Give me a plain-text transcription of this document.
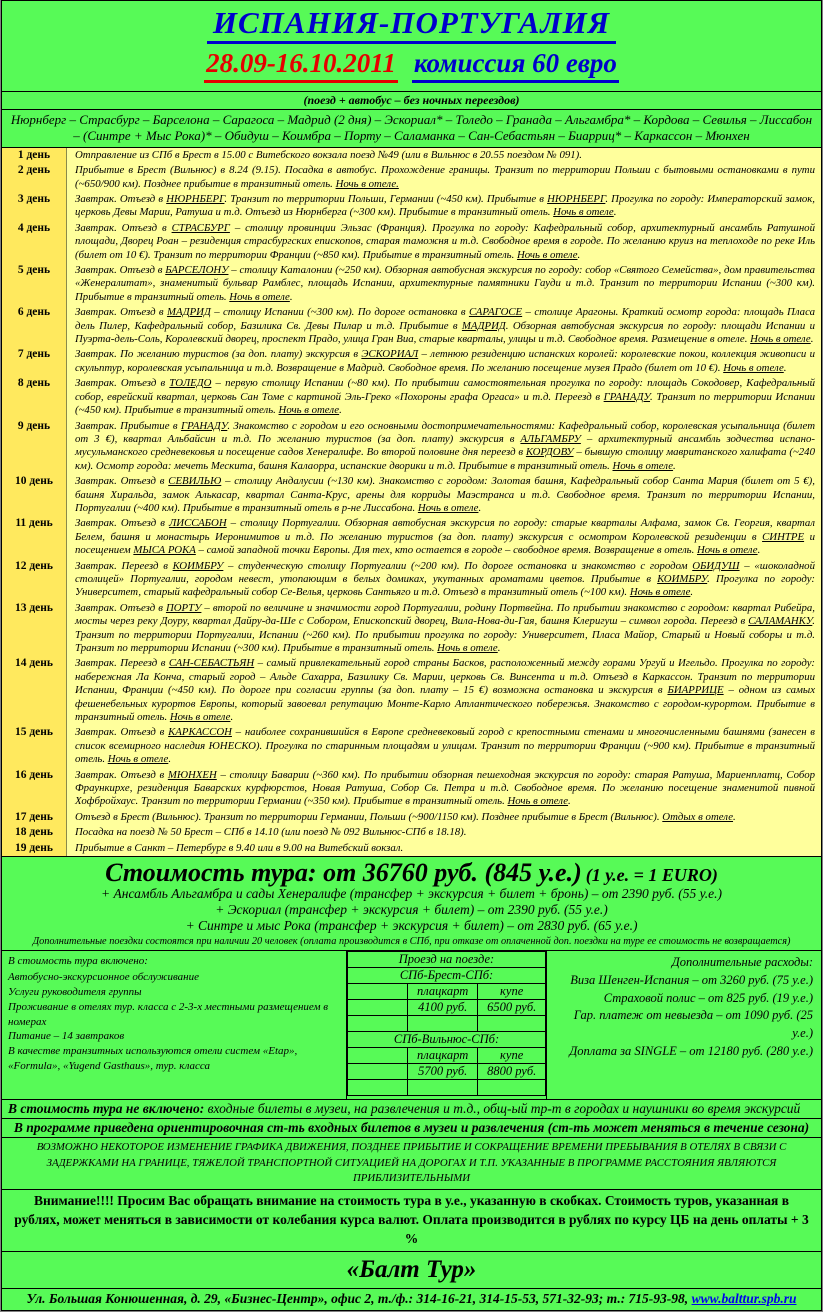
ИСПАНИЯ-ПОРТУГАЛИЯ
28.09-16.10.2011 комиссия 60 евро
(поезд + автобус – без ночных переездов)
Нюрнберг – Страсбург – Барселона – Сарагоса – Мадрид (2 дня) – Эскориал* – Толедо – Гранада – Альгамбра* – Кордова – Севилья – Лиссабон – (Синтре + Мыс Рока)* – Обидуш – Коимбра – Порту – Саламанка – Сан-Себастьян – Биарриц* – Каркассон – Мюнхен
1 день	Отправление из СПб в Брест в 15.00 с Витебского вокзала поезд №49 (или в Вильнюс в 20.55 поездом № 091).
2 день	Прибытие в Брест (Вильнюс) в 8.24 (9.15). Посадка в автобус. Прохождение границы. Транзит по территории Польши с бытовыми остановками в пути (~650/900 км). Позднее прибытие в транзитный отель. Ночь в отеле.
3 день	Завтрак. Отъезд в НЮРНБЕРГ. Транзит по территории Польши, Германии (~450 км). Прибытие в НЮРНБЕРГ. Прогулка по городу: Императорский замок, церковь Девы Марии, Ратуша и т.д. Отъезд из Нюрнберга (~300 км). Прибытие в транзитный отель. Ночь в отеле.
4 день	Завтрак. Отъезд в СТРАСБУРГ – столицу провинции Эльзас (Франция). Прогулка по городу: Кафедральный собор, архитектурный ансамбль Ратушной площади, Дворец Роан – резиденция страсбургских епископов, старая таможня и т.д. Свободное время в городе. По желанию круиз на теплоходе по реке Иль (билет от 10 €). Транзит по территории Франции (~850 км). Прибытие в транзитный отель. Ночь в отеле.
5 день	Завтрак. Отъезд в БАРСЕЛОНУ – столицу Каталонии (~250 км). Обзорная автобусная экскурсия по городу: собор «Святого Семейства», дом правительства «Женералитат», знаменитый бульвар Рамблес, площадь Испании, архитектурные памятники Гауди и т.д. Транзит по территории Испании (~300 км). Прибытие в транзитный отель. Ночь в отеле.
6 день	Завтрак. Отъезд в МАДРИД – столицу Испании (~300 км). По дороге остановка в САРАГОСЕ – столице Арагоны. Краткий осмотр города: площадь Пласа дель Пилер, Кафедральный собор, Базилика Св. Девы Пилар и т.д. Прибытие в МАДРИД. Обзорная автобусная экскурсия по городу: площади Испании и Пуэрта-дель-Соль, Королевский дворец, проспект Прадо, улица Гран Виа, старые кварталы, улицы и т.д. Свободное время. Размещение в отеле. Ночь в отеле.
7 день	Завтрак. По желанию туристов (за доп. плату) экскурсия в ЭСКОРИАЛ – летнюю резиденцию испанских королей: королевские покои, коллекция живописи и скульптур, королевская усыпальница и т.д. Возвращение в Мадрид. Свободное время. По желанию посещение музея Прадо (билет от 10 €). Ночь в отеле.
8 день	Завтрак. Отъезд в ТОЛЕДО – первую столицу Испании (~80 км). По прибытии самостоятельная прогулка по городу: площадь Сокодовер, Кафедральный собор, еврейский квартал, церковь Сан Томе с картиной Эль-Греко «Похороны графа Оргаса» и т.д. Переезд в ГРАНАДУ. Транзит по территории Испании (~450 км). Прибытие в транзитный отель. Ночь в отеле.
9 день	Завтрак. Прибытие в ГРАНАДУ. Знакомство с городом и его основными достопримечательностями: Кафедральный собор, королевская усыпальница (билет от 3 €), квартал Альбайсин и т.д. По желанию туристов (за доп. плату) экскурсия в АЛЬГАМБРУ – архитектурный ансамбль зодчества испано-мусульманского средневековья и посещение садов Хенералифе. Во второй половине дня переезд в КОРДОВУ – бывшую столицу мавританского халифата (~240 км). Осмотр города: мечеть Мескита, башня Калаорра, испанские дворики и т.д. Прибытие в транзитный отель. Ночь в отеле.
10 день	Завтрак. Отъезд в СЕВИЛЬЮ – столицу Андалусии (~130 км). Знакомство с городом: Золотая башня, Кафедральный собор Санта Мария (билет от 5 €), башня Хиральда, замок Алькасар, квартал Санта-Крус, арены для корриды Маэстранса и т.д. Свободное время. Транзит по территории Испании, Португалии (~400 км). Прибытие в транзитный отель в р-не Лиссабона. Ночь в отеле.
11 день	Завтрак. Отъезд в ЛИССАБОН – столицу Португалии. Обзорная автобусная экскурсия по городу: старые кварталы Алфама, замок Св. Георгия, квартал Белем, башня и монастырь Иеронимитов и т.д. По желанию туристов (за доп. плату) экскурсия с осмотром Королевской резиденции в СИНТРЕ и посещением МЫСА РОКА – самой западной точки Европы. Для тех, кто остается в городе – свободное время. Возвращение в отель. Ночь в отеле.
12 день	Завтрак. Переезд в КОИМБРУ – студенческую столицу Португалии (~200 км). По дороге остановка и знакомство с городом ОБИДУШ – «шоколадной столицей» Португалии, городом невест, утопающим в белых домиках, укутанных ароматами цветов. Прибытие в КОИМБРУ. Прогулка по городу: Университет, старый кафедральный собор Се-Велья, церковь Сантьяго и т.д. Отъезд в транзитный отель (~100 км). Ночь в отеле.
13 день	Завтрак. Отъезд в ПОРТУ – второй по величине и значимости город Португалии, родину Портвейна. По прибытии знакомство с городом: квартал Рибейра, мосты через реку Доуру, квартал Дайру-да-Ше с Собором, Епископский дворец, Вила-Нова-ди-Гая, башня Клеригуш – символ города. Переезд в САЛАМАНКУ. Транзит по территории Португалии, Испании (~260 км). По прибытии прогулка по городу: Университет, Пласа Майор, Старый и Новый соборы и т.д. Транзит по территории Испании (~300 км). Прибытие в транзитный отель. Ночь в отеле.
14 день	Завтрак. Переезд в САН-СЕБАСТЬЯН – самый привлекательный город страны Басков, расположенный между горами Ургуй и Игельдо. Прогулка по городу: набережная Ла Конча, старый город – Альде Сахарра, Базилику Св. Марии, церковь Св. Винсента и т.д. Отъезд в Каркассон. Транзит по территории Испании, Франции (~450 км). По дороге при согласии группы (за доп. плату – 15 €) возможна остановка и экскурсия в БИАРРИЦЕ – одном из самых фешенебельных курортов Европы, который завоевал репутацию Монте-Карло Атлантического побережья. Знакомство с городом-курортом. Прибытие в транзитный отель. Ночь в отеле.
15 день	Завтрак. Отъезд в КАРКАССОН – наиболее сохранившийся в Европе средневековый город с крепостными стенами и многочисленными башнями (занесен в список всемирного наследия ЮНЕСКО). Прогулка по старинным площадям и улицам. Транзит по территории Франции (~900 км). Прибытие в транзитный отель. Ночь в отеле.
16 день	Завтрак. Отъезд в МЮНХЕН – столицу Баварии (~360 км). По прибытии обзорная пешеходная экскурсия по городу: старая Ратуша, Мариенплатц, Собор Фраункирхе, резиденция Баварских курфюрстов, Новая Ратуша, Собор Св. Петра и т.д. Свободное время. По желанию посещение знаменитой пивной Хофбройхаус. Транзит по территории Германии (~350 км). Прибытие в транзитный отель. Ночь в отеле.
17 день	Отъезд в Брест (Вильнюс). Транзит по территории Германии, Польши (~900/1150 км). Позднее прибытие в Брест (Вильнюс). Отдых в отеле.
18 день	Посадка на поезд № 50 Брест – СПб в 14.10 (или поезд № 092 Вильнюс-СПб в 18.18).
19 день	Прибытие в Санкт – Петербург в 9.40 или в 9.00 на Витебский вокзал.
Стоимость тура: от 36760 руб. (845 у.е.) (1 у.е. = 1 EURO)
+ Ансамбль Альгамбра и сады Хенералифе (трансфер + экскурсия + билет + бронь) – от 2390 руб. (55 у.е.)
+ Эскориал (трансфер + экскурсия + билет) – от 2390 руб. (55 у.е.)
+ Синтре и мыс Рока (трансфер + экскурсия + билет) – от 2830 руб. (65 у.е.)
Дополнительные поездки состоятся при наличии 20 человек (оплата производится в СПб, при отказе от оплаченной доп. поездки на туре ее стоимость не возвращается)
В стоимость тура включено:
Автобусно-экскурсионное обслуживание
Услуги руководителя группы
Проживание в отелях тур. класса с 2-3-х местными размещением в номерах
Питание – 14 завтраков
В качестве транзитных используются отели систем «Etap», «Formula», «Yugend Gasthaus», тур. класса
Проезд на поезде:		
СПб-Брест-СПб:		
	плацкарт	купе
	4100 руб.	6500 руб.

СПб-Вильнюс-СПб:		
	плацкарт	купе
	5700 руб.	8800 руб.

Дополнительные расходы:
Виза Шенген-Испания – от 3260 руб. (75 у.е.)
Страховой полис – от 825 руб. (19 у.е.)
Гар. платеж от невыезда – от 1090 руб. (25 у.е.)
Доплата за SINGLE – от 12180 руб. (280 у.е.)
В стоимость тура не включено: входные билеты в музеи, на развлечения и т.д., общ-ый тр-т в городах и наушники во время экскурсий
В программе приведена ориентировочная ст-ть входных билетов в музеи и развлечения (ст-ть может меняться в течение сезона)
ВОЗМОЖНО НЕКОТОРОЕ ИЗМЕНЕНИЕ ГРАФИКА ДВИЖЕНИЯ, ПОЗДНЕЕ ПРИБЫТИЕ И СОКРАЩЕНИЕ ВРЕМЕНИ ПРЕБЫВАНИЯ В ОТЕЛЯХ В СВЯЗИ С ЗАДЕРЖКАМИ НА ГРАНИЦЕ, ТЯЖЕЛОЙ ТРАНСПОРТНОЙ СИТУАЦИЕЙ НА ДОРОГАХ И Т.П. УКАЗАННЫЕ В ПРОГРАММЕ РАССТОЯНИЯ ЯВЛЯЮТСЯ ПРИБЛИЗИТЕЛЬНЫМИ
Внимание!!!! Просим Вас обращать внимание на стоимость тура в у.е., указанную в скобках. Стоимость туров, указанная в рублях, может меняться в зависимости от колебания курса валют. Оплата производится в рублях по курсу ЦБ на день оплаты + 3 %
«Балт Тур»
Ул. Большая Конюшенная, д. 29, «Бизнес-Центр», офис 2, т./ф.: 314-16-21, 314-15-53, 571-32-93; т.: 715-93-98, www.balttur.spb.ru
